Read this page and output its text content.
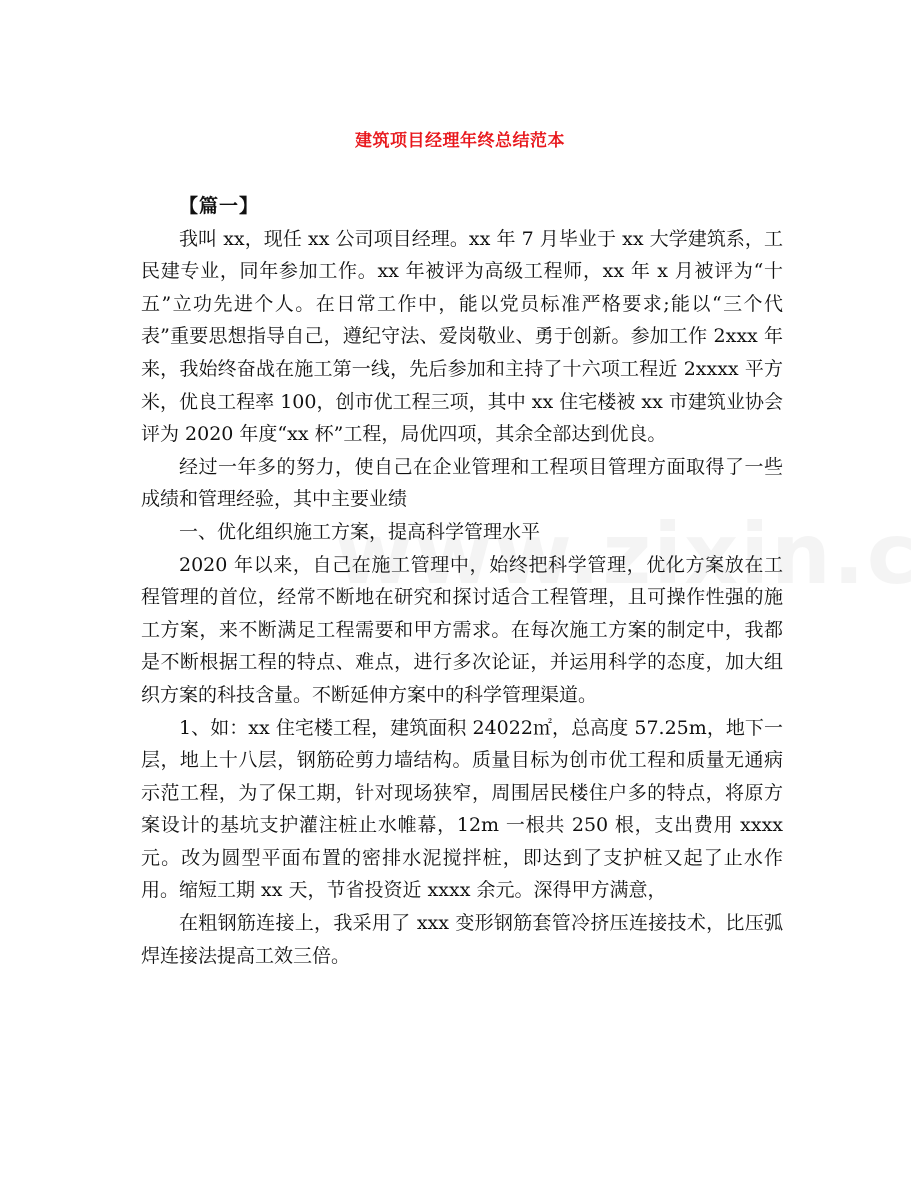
建筑项目经理年终总结范本

【篇一】

我叫 xx，现任 xx 公司项目经理。xx 年 7 月毕业于 xx 大学建筑系，工民建专业，同年参加工作。xx 年被评为高级工程师，xx 年 x 月被评为“十五”立功先进个人。在日常工作中，能以党员标准严格要求;能以“三个代表”重要思想指导自己，遵纪守法、爱岗敬业、勇于创新。参加工作 2xxx 年来，我始终奋战在施工第一线，先后参加和主持了十六项工程近 2xxxx 平方米，优良工程率 100，创市优工程三项，其中 xx 住宅楼被 xx 市建筑业协会评为 2020 年度“xx 杯”工程，局优四项，其余全部达到优良。

经过一年多的努力，使自己在企业管理和工程项目管理方面取得了一些成绩和管理经验，其中主要业绩

一、优化组织施工方案，提高科学管理水平

2020 年以来，自己在施工管理中，始终把科学管理，优化方案放在工程管理的首位，经常不断地在研究和探讨适合工程管理，且可操作性强的施工方案，来不断满足工程需要和甲方需求。在每次施工方案的制定中，我都是不断根据工程的特点、难点，进行多次论证，并运用科学的态度，加大组织方案的科技含量。不断延伸方案中的科学管理渠道。

1、如：xx 住宅楼工程，建筑面积 24022㎡，总高度 57.25m，地下一层，地上十八层，钢筋砼剪力墙结构。质量目标为创市优工程和质量无通病示范工程，为了保工期，针对现场狭窄，周围居民楼住户多的特点，将原方案设计的基坑支护灌注桩止水帷幕，12m 一根共 250 根，支出费用 xxxx 元。改为圆型平面布置的密排水泥搅拌桩，即达到了支护桩又起了止水作用。缩短工期 xx 天，节省投资近 xxxx 余元。深得甲方满意，

在粗钢筋连接上，我采用了 xxx 变形钢筋套管冷挤压连接技术，比压弧焊连接法提高工效三倍。
